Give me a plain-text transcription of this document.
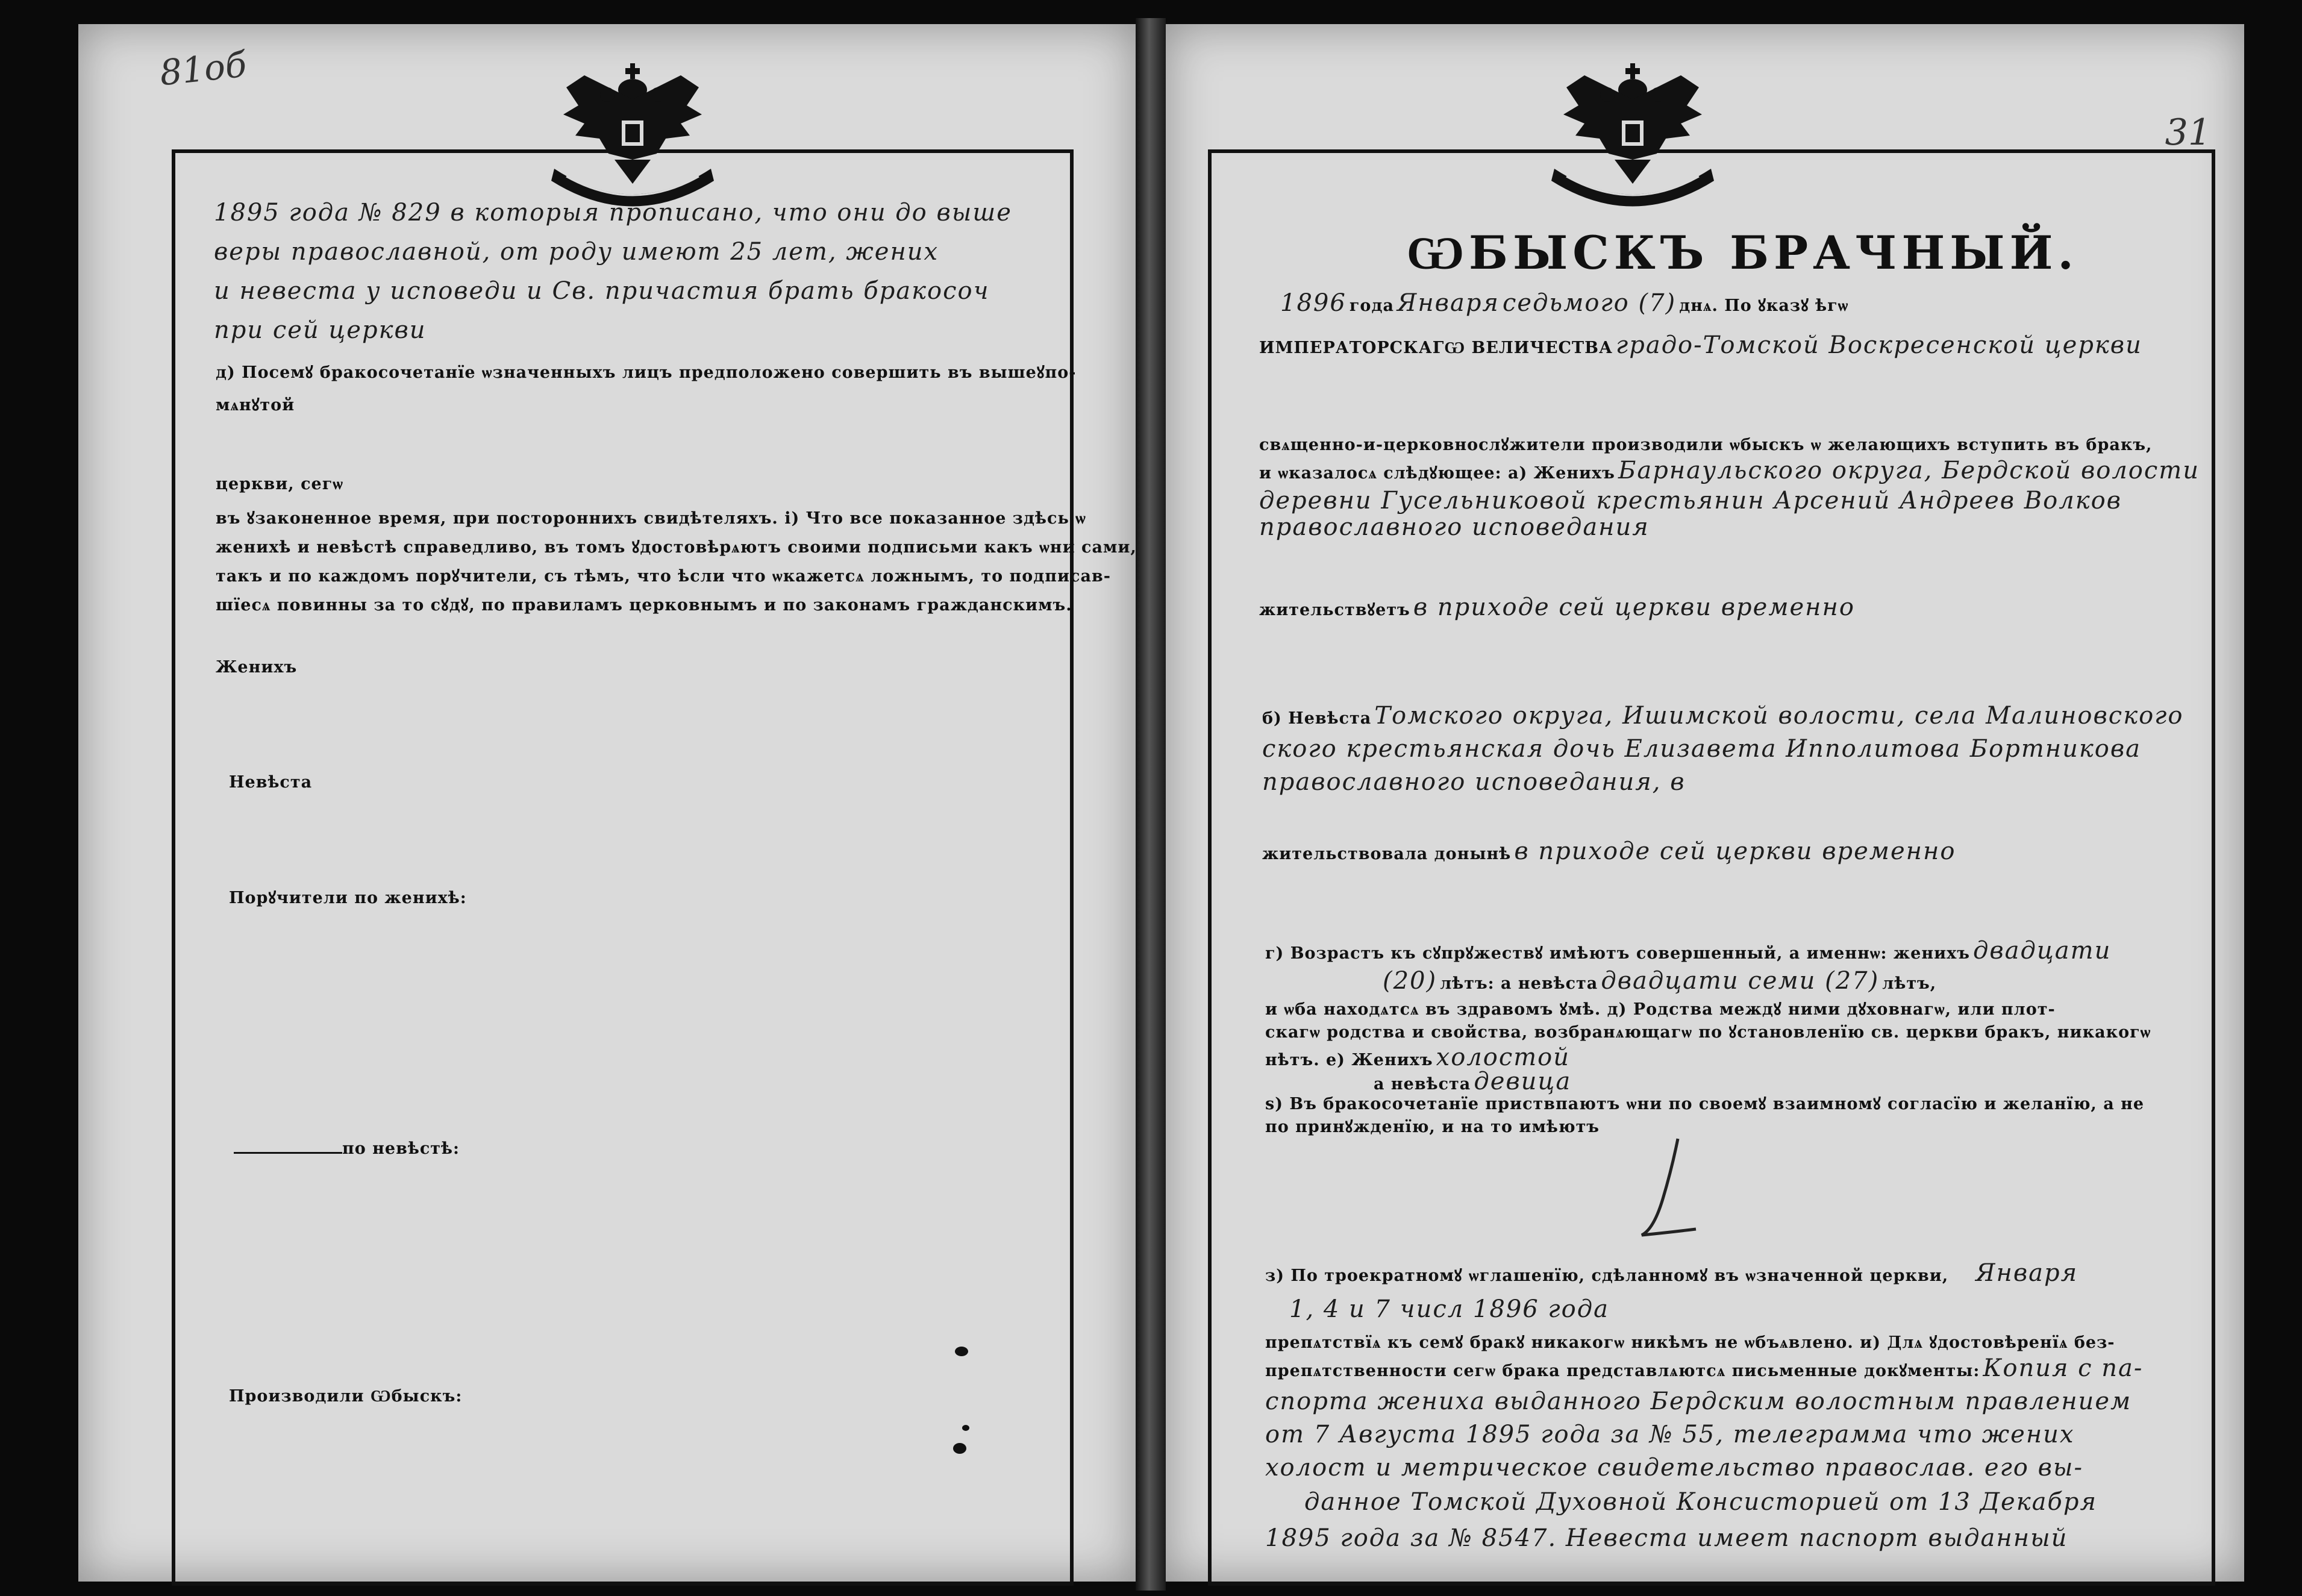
81об
1895 года № 829 в которыя прописано, что они до выше
веры православной, от роду имеют 25 лет, жених
и невеста у исповеди и Св. причастия брать бракосоч
при сей церкви
д) Посемꙋ бракосочетанїе ѡзначенныхъ лицъ предположено совершить въ вышеꙋпо-
мѧнꙋтой
церкви, сегѡ
въ ꙋзаконенное время, при постороннихъ свидѣтеляхъ. і) Что все показанное здѣсь ѡ
женихѣ и невѣстѣ справедливо, въ томъ ꙋдостовѣрѧютъ своими подписьми какъ ѡни сами,
такъ и по каждомъ порꙋчители, съ тѣмъ, что ѣсли что ѡкажетсѧ ложнымъ, то подписав-
шїесѧ повинны за то сꙋдꙋ, по правиламъ церковнымъ и по законамъ гражданскимъ.
Женихъ
Невѣста
Порꙋчители по женихѣ:
по невѣстѣ:
Производили Ѡбыскъ:
31
ѠБЫСКЪ БРАЧНЫЙ.
1896 года Января седьмого (7) днѧ. По ꙋказꙋ ѣгѡ
ИМПЕРАТОРСКАГѠ ВЕЛИЧЕСТВА градо-Томской Воскресенской церкви
свѧщенно-и-церковнослꙋжители производили ѡбыскъ ѡ желающихъ вступить въ бракъ,
и ѡказалосѧ слѣдꙋющее: а) Женихъ Барнаульского округа, Бердской волости
деревни Гусельниковой крестьянин Арсений Андреев Волков
православного исповедания
жительствꙋетъ в приходе сей церкви временно
б) Невѣста Томского округа, Ишимской волости, села Малиновского
ского крестьянская дочь Елизавета Ипполитова Бортникова
православного исповедания, в
жительствовала донынѣ в приходе сей церкви временно
г) Возрастъ къ сꙋпрꙋжествꙋ имѣютъ совершенный, а именнѡ: женихъ двадцати
(20) лѣтъ: а невѣста двадцати семи (27) лѣтъ,
и ѡба находѧтсѧ въ здравомъ ꙋмѣ. д) Родства междꙋ ними дꙋховнагѡ, или плот-
скагѡ родства и свойства, возбранѧющагѡ по ꙋстановленїю св. церкви бракъ, никакогѡ
нѣтъ. е) Женихъ холостой
а невѣста девица
ѕ) Въ бракосочетанїе приствпаютъ ѡни по своемꙋ взаимномꙋ согласїю и желанїю, а не
по принꙋжденїю, и на то имѣютъ
з) По троекратномꙋ ѡглашенїю, сдѣланномꙋ въ ѡзначенной церкви, Января
1, 4 и 7 числ 1896 года
препѧтствїѧ къ семꙋ бракꙋ никакогѡ никѣмъ не ѡбъѧвлено. и) Длѧ ꙋдостовѣренїѧ без-
препѧтственности сегѡ брака представлѧютсѧ письменные докꙋменты: Копия с па-
спорта жениха выданного Бердским волостным правлением
от 7 Августа 1895 года за № 55, телеграмма что жених
холост и метрическое свидетельство православ. его вы-
данное Томской Духовной Консисторией от 13 Декабря
1895 года за № 8547. Невеста имеет паспорт выданный
